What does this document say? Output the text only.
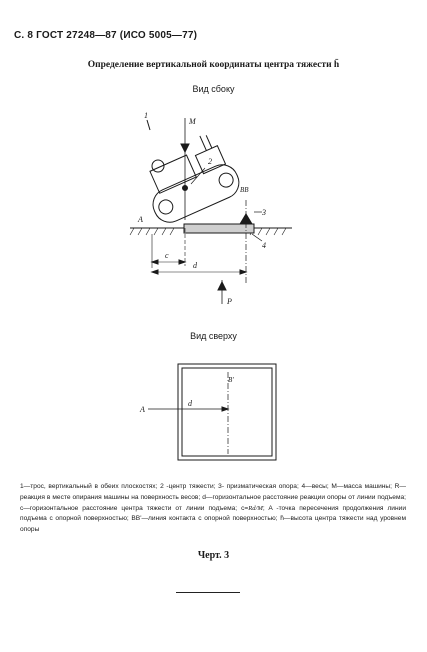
С. 8 ГОСТ 27248—87 (ИСО 5005—77)
Определение вертикальной координаты центра тяжести h̄
Вид сбоку
1
M
2
BB
3
A
4
c
d
P
Вид сверху
B'
d
A
1—трос, вертикальный в обеих плоскостях; 2 -центр тяжести; 3- призматическая опора; 4—весы; M—масса машины; R—реакция в месте опирания машины на поверхность весов; d—горизонтальное расстояние реакции опоры от линии подъема; c—горизонтальное расстояние центра тяжести от линии подъема; c=Rd/M; A -точка пересечения продолжения линии подъема с опорной поверхностью; BB'—линия контакта с опорной поверхностью; h̄—высота центра тяжести над уровнем опоры
Черт. 3
